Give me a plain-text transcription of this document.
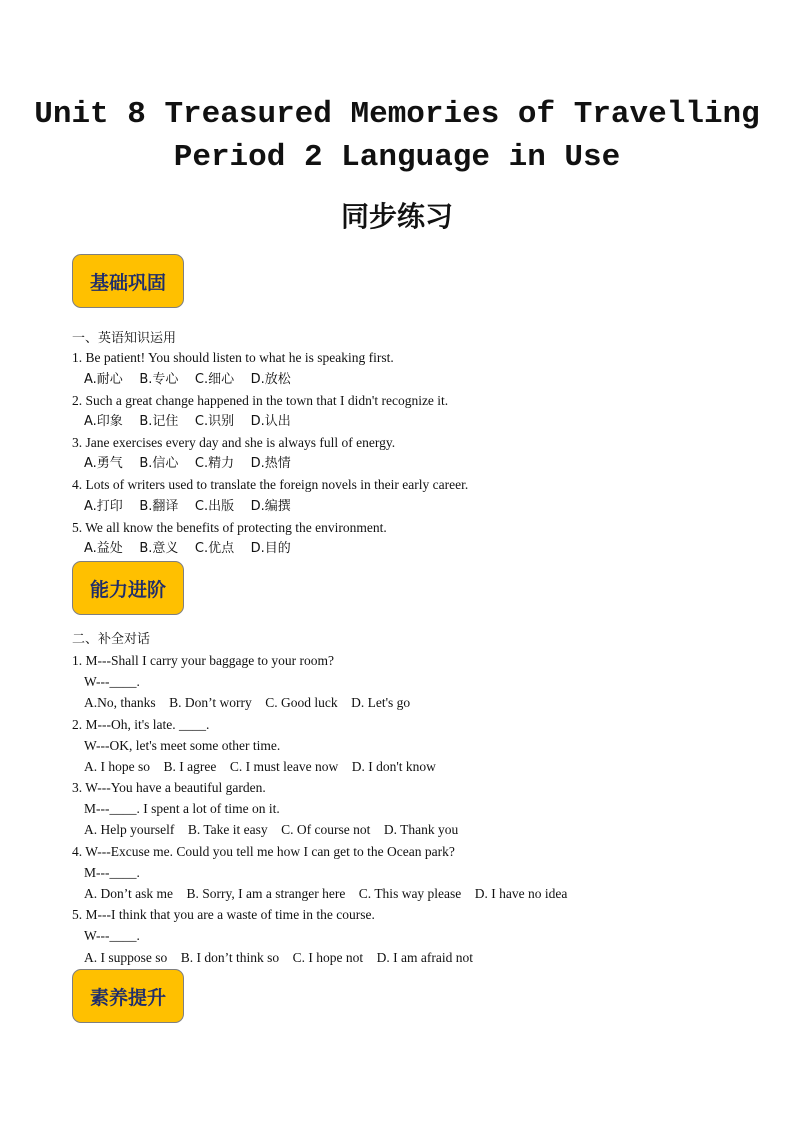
Unit 8 Treasured Memories of Travelling
Period 2 Language in Use
同步练习
基础巩固
一、英语知识运用
1. Be patient! You should listen to what he is speaking first.
A.耐心    B.专心    C.细心    D.放松
2. Such a great change happened in the town that I didn't recognize it.
A.印象    B.记住    C.识别    D.认出
3. Jane exercises every day and she is always full of energy.
A.勇气    B.信心    C.精力    D.热情
4. Lots of writers used to translate the foreign novels in their early career.
A.打印    B.翻译    C.出版    D.编撰
5. We all know the benefits of protecting the environment.
A.益处    B.意义    C.优点    D.目的
能力进阶
二、补全对话
1. M---Shall I carry your baggage to your room?
W---____.
A.No, thanks    B. Don’t worry    C. Good luck    D. Let's go
2. M---Oh, it's late. ____.
W---OK, let's meet some other time.
A. I hope so    B. I agree    C. I must leave now    D. I don't know
3. W---You have a beautiful garden.
M---____. I spent a lot of time on it.
A. Help yourself    B. Take it easy    C. Of course not    D. Thank you
4. W---Excuse me. Could you tell me how I can get to the Ocean park?
M---____.
A. Don’t ask me    B. Sorry, I am a stranger here    C. This way please    D. I have no idea
5. M---I think that you are a waste of time in the course.
W---____.
A. I suppose so    B. I don’t think so    C. I hope not    D. I am afraid not
素养提升
